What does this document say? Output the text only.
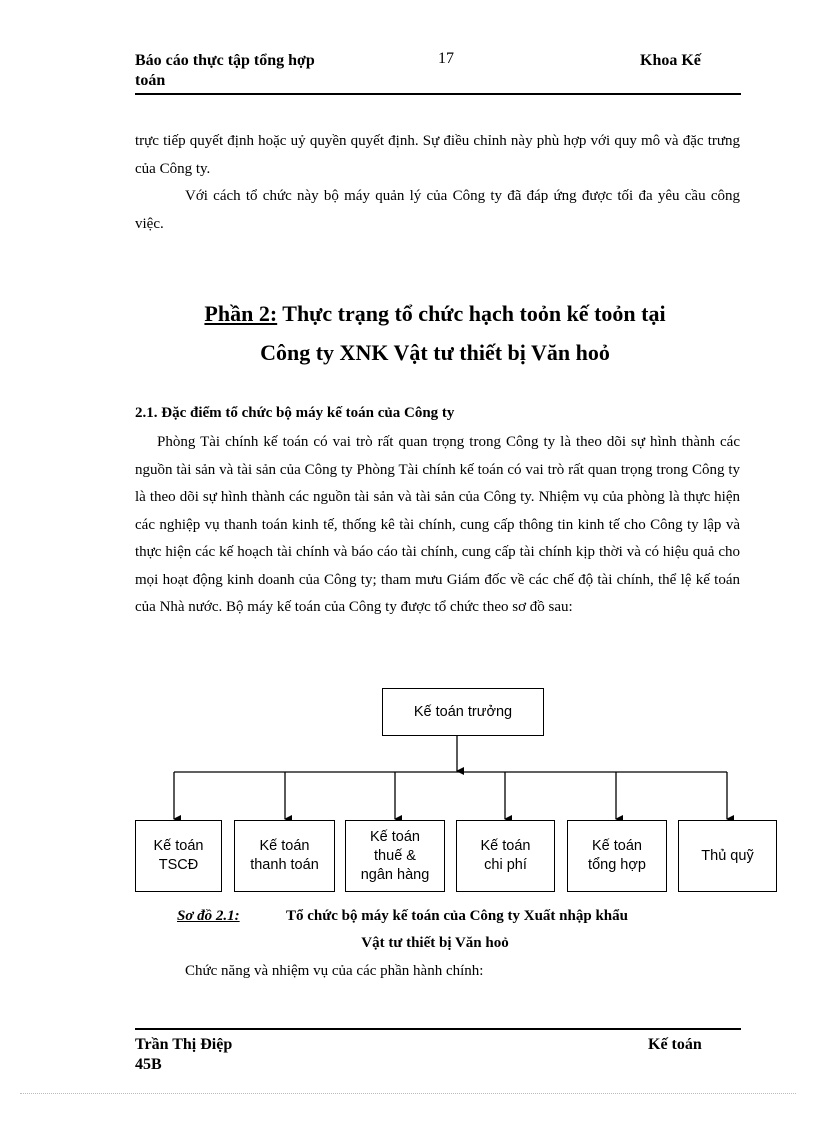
Báo cáo thực tập tổng hợp
toán
17	Khoa Kế
trực tiếp quyết định hoặc uỷ quyền quyết định. Sự điều chỉnh này phù hợp với quy mô và đặc trưng của Công ty.
Với cách tổ chức này bộ máy quản lý của Công ty đã đáp ứng được tối đa yêu cầu công việc.
Phần 2: Thực trạng tổ chức hạch toỏn kế toỏn tại
Công ty XNK Vật tư thiết bị Văn hoỏ
2.1. Đặc điểm tổ chức bộ máy kế toán của Công ty
Phòng Tài chính kế toán có vai trò rất quan trọng trong Công ty là theo dõi sự hình thành các nguồn tài sản và tài sản của Công ty Phòng Tài chính kế toán có vai trò rất quan trọng trong Công ty là theo dõi sự hình thành các nguồn tài sản và tài sản của Công ty. Nhiệm vụ của phòng là thực hiện các nghiệp vụ thanh toán kinh tế, thống kê tài chính, cung cấp thông tin kinh tế cho Công ty lập và thực hiện các kế hoạch tài chính và báo cáo tài chính, cung cấp tài chính kịp thời và có hiệu quả cho mọi hoạt động kinh doanh của Công ty; tham mưu Giám đốc về các chế độ tài chính, thể lệ kế toán của Nhà nước. Bộ máy kế toán của Công ty được tổ chức theo sơ đồ sau:
Kế toán trưởng
Kế toán
TSCĐ
Kế toán
thanh toán
Kế toán
thuế &
ngân hàng
Kế toán
chi phí
Kế toán
tổng hợp
Thủ quỹ
Sơ đồ 2.1:	Tổ chức bộ máy kế toán của Công ty Xuất nhập khẩu
Vật tư thiết bị Văn hoỏ
Chức năng và nhiệm vụ của các phần hành chính:
Trần Thị Điệp
45B
Kế toán
